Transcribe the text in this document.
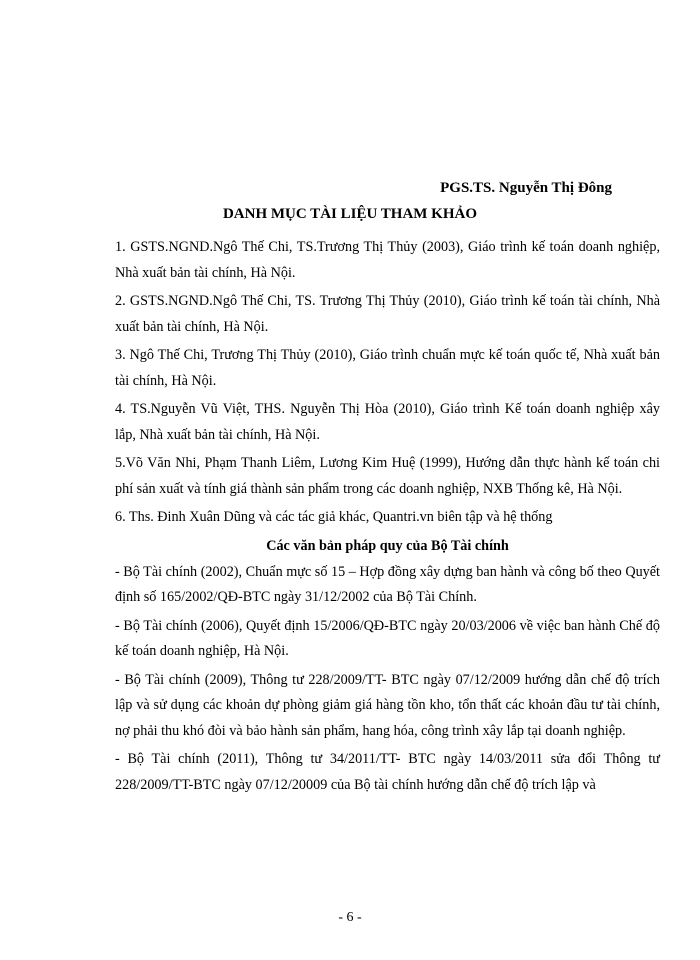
PGS.TS. Nguyễn Thị Đông
DANH MỤC TÀI LIỆU THAM KHẢO

1. GSTS.NGND.Ngô Thế Chi, TS.Trương Thị Thủy (2003), Giáo trình kế toán doanh nghiệp, Nhà xuất bản tài chính, Hà Nội.

2. GSTS.NGND.Ngô Thế Chi, TS. Trương Thị Thủy (2010), Giáo trình kế toán tài chính, Nhà xuất bản tài chính, Hà Nội.

3. Ngô Thế Chi, Trương Thị Thủy (2010), Giáo trình chuẩn mực kế toán quốc tế, Nhà xuất bản tài chính, Hà Nội.

4. TS.Nguyễn Vũ Việt, THS. Nguyễn Thị Hòa (2010), Giáo trình Kế toán doanh nghiệp xây lắp, Nhà xuất bản tài chính, Hà Nội.

5.Võ Văn Nhi, Phạm Thanh Liêm, Lương Kim Huệ (1999), Hướng dẫn thực hành kế toán chi phí sản xuất và tính giá thành sản phẩm trong các doanh nghiệp, NXB Thống kê, Hà Nội.

6. Ths. Đinh Xuân Dũng và các tác giả khác, Quantri.vn biên tập và hệ thống

Các văn bản pháp quy của Bộ Tài chính

- Bộ Tài chính (2002), Chuẩn mực số 15 – Hợp đồng xây dựng ban hành và công bố theo Quyết định số 165/2002/QĐ-BTC ngày 31/12/2002 của Bộ Tài Chính.

- Bộ Tài chính (2006), Quyết định 15/2006/QĐ-BTC ngày 20/03/2006 về việc ban hành Chế độ kế toán doanh nghiệp, Hà Nội.

- Bộ Tài chính (2009), Thông tư 228/2009/TT- BTC ngày 07/12/2009 hướng dẫn chế độ trích lập và sử dụng các khoản dự phòng giảm giá hàng tồn kho, tổn thất các khoản đầu tư tài chính, nợ phải thu khó đòi và bảo hành sản phẩm, hang hóa, công trình xây lắp tại doanh nghiệp.

- Bộ Tài chính (2011), Thông tư 34/2011/TT- BTC ngày 14/03/2011 sửa đổi Thông tư 228/2009/TT-BTC ngày 07/12/20009 của Bộ tài chính hướng dẫn chế độ trích lập và

- 6 -
